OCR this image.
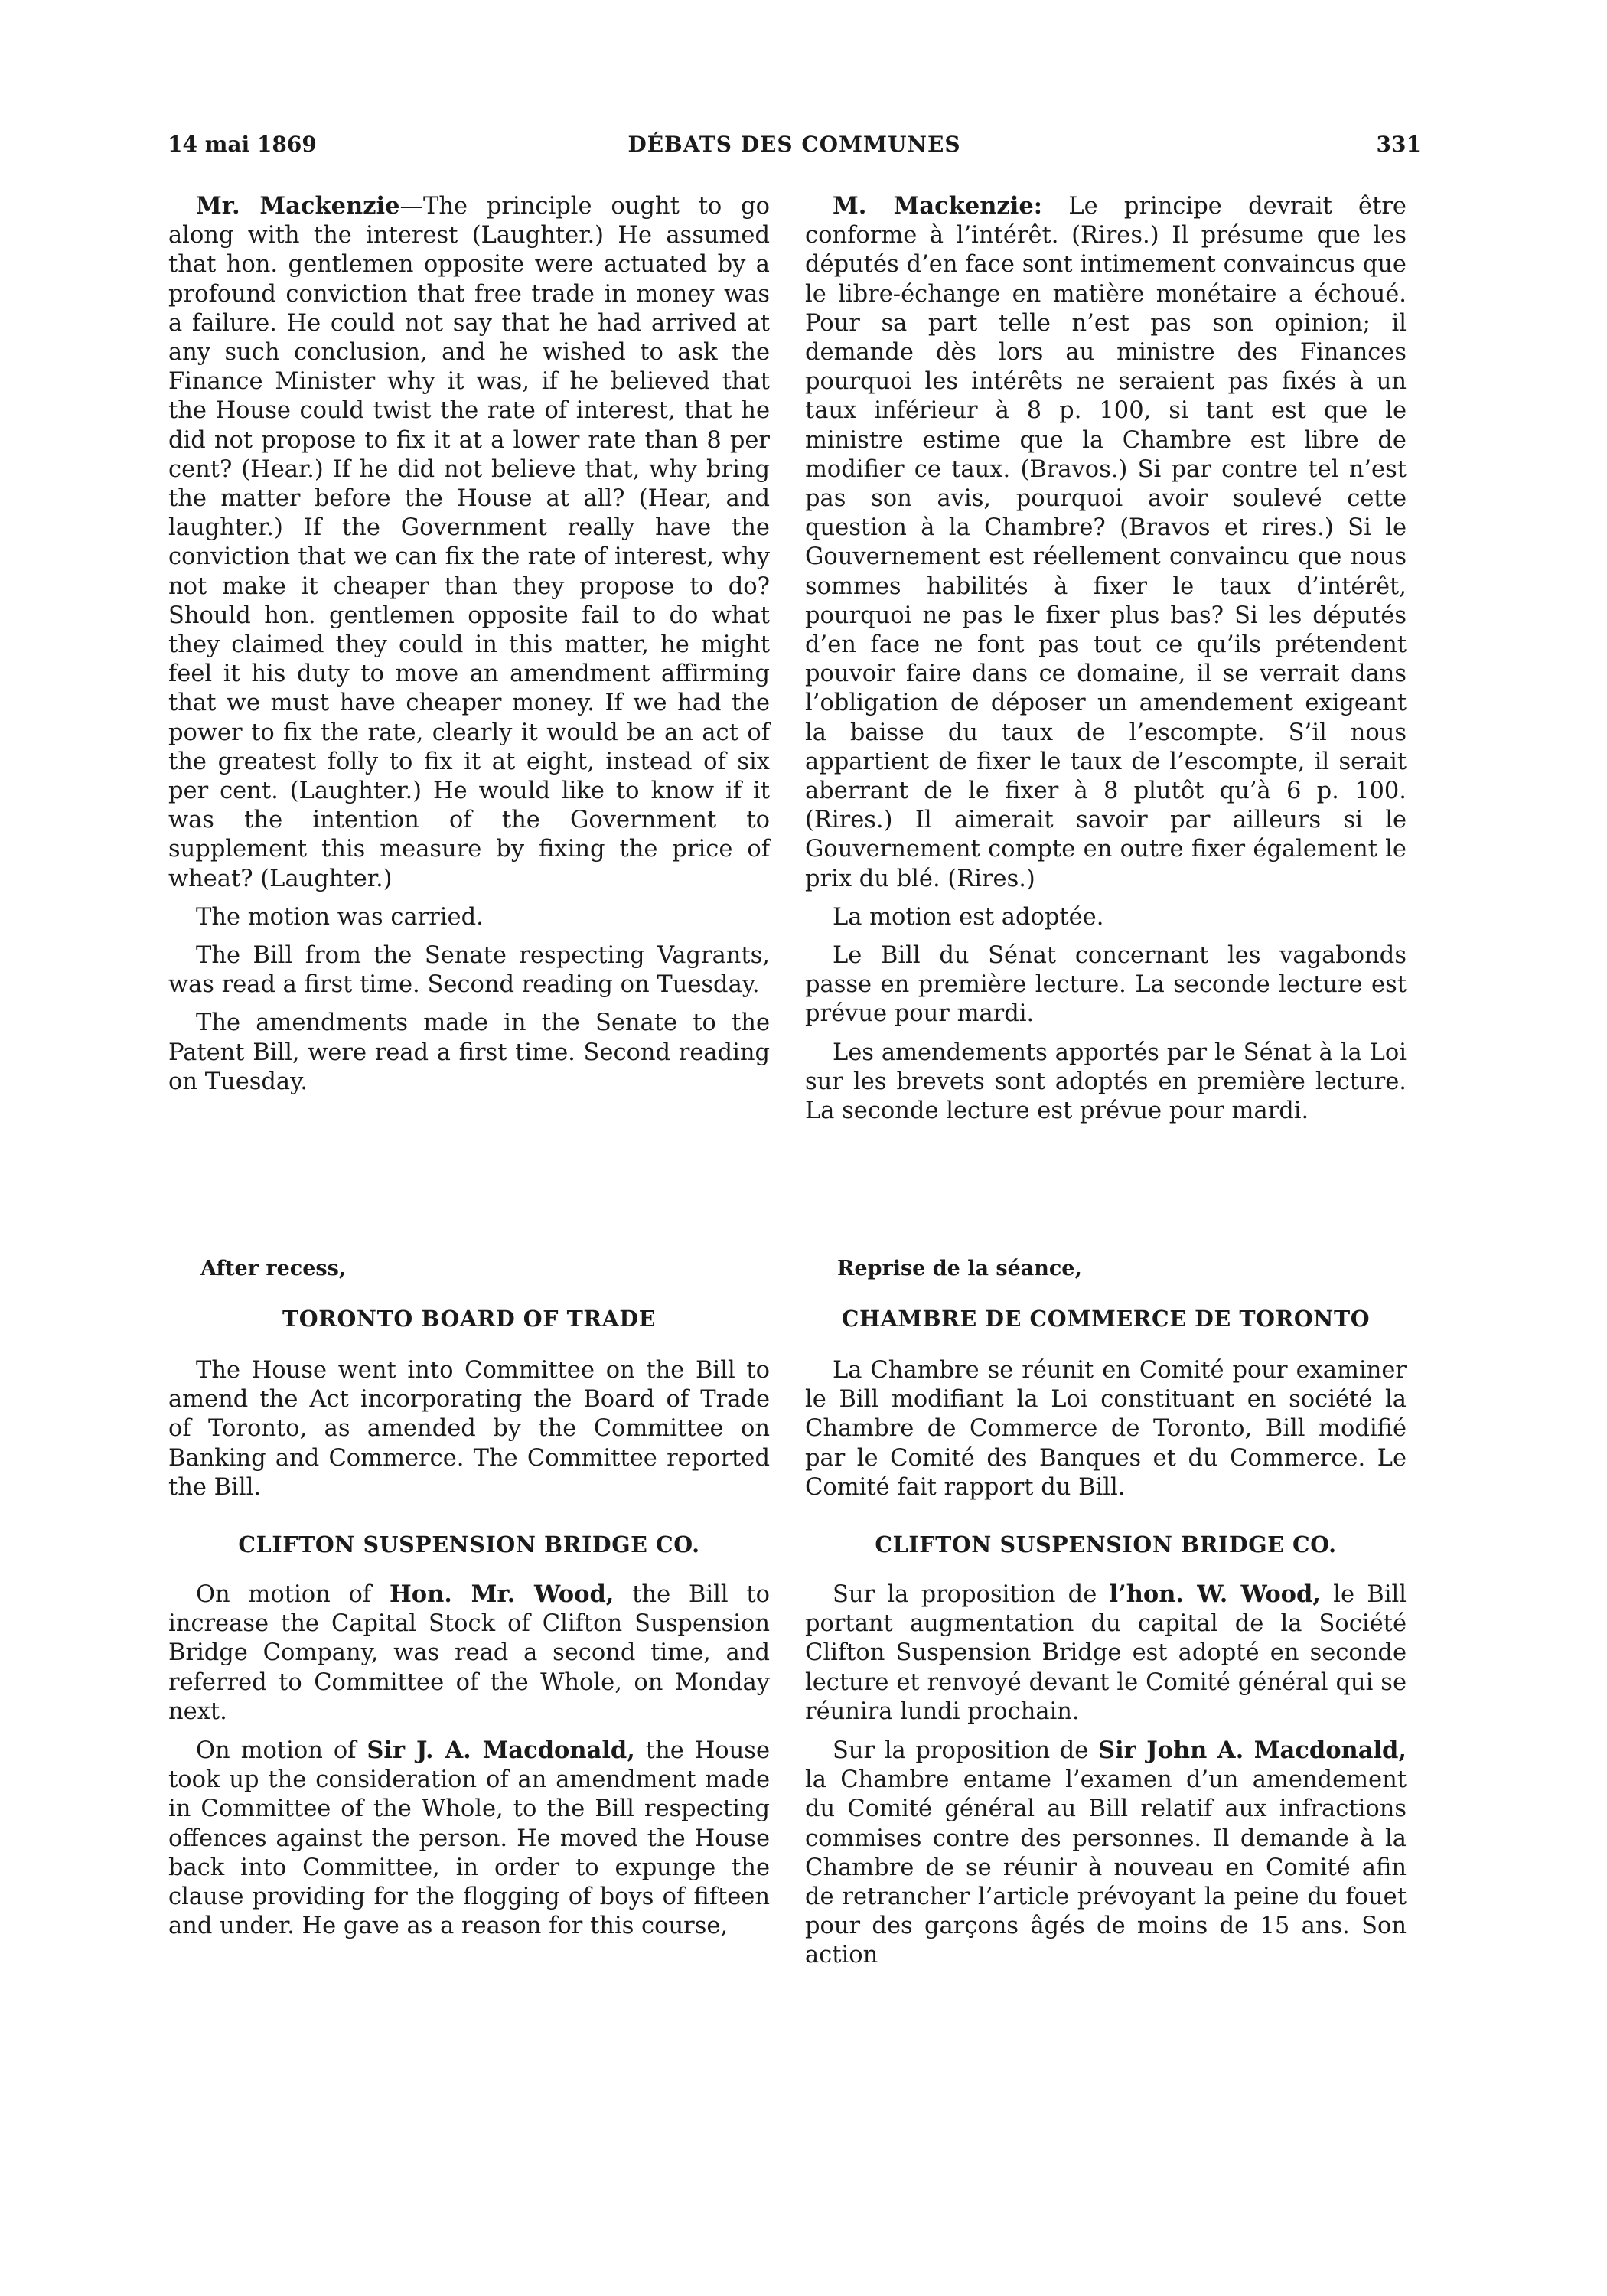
14 mai 1869	DÉBATS DES COMMUNES	331

Mr. Mackenzie—The principle ought to go along with the interest (Laughter.) He assumed that hon. gentlemen opposite were actuated by a profound conviction that free trade in money was a failure. He could not say that he had arrived at any such conclusion, and he wished to ask the Finance Minister why it was, if he believed that the House could twist the rate of interest, that he did not propose to fix it at a lower rate than 8 per cent? (Hear.) If he did not believe that, why bring the matter before the House at all? (Hear, and laughter.) If the Government really have the conviction that we can fix the rate of interest, why not make it cheaper than they propose to do? Should hon. gentlemen opposite fail to do what they claimed they could in this matter, he might feel it his duty to move an amendment affirming that we must have cheaper money. If we had the power to fix the rate, clearly it would be an act of the greatest folly to fix it at eight, instead of six per cent. (Laughter.) He would like to know if it was the intention of the Government to supplement this measure by fixing the price of wheat? (Laughter.)

The motion was carried.

The Bill from the Senate respecting Vagrants, was read a first time. Second reading on Tuesday.

The amendments made in the Senate to the Patent Bill, were read a first time. Second reading on Tuesday.

M. Mackenzie: Le principe devrait être conforme à l’intérêt. (Rires.) Il présume que les députés d’en face sont intimement convaincus que le libre-échange en matière monétaire a échoué. Pour sa part telle n’est pas son opinion; il demande dès lors au ministre des Finances pourquoi les intérêts ne seraient pas fixés à un taux inférieur à 8 p. 100, si tant est que le ministre estime que la Chambre est libre de modifier ce taux. (Bravos.) Si par contre tel n’est pas son avis, pourquoi avoir soulevé cette question à la Chambre? (Bravos et rires.) Si le Gouvernement est réellement convaincu que nous sommes habilités à fixer le taux d’intérêt, pourquoi ne pas le fixer plus bas? Si les députés d’en face ne font pas tout ce qu’ils prétendent pouvoir faire dans ce domaine, il se verrait dans l’obligation de déposer un amendement exigeant la baisse du taux de l’escompte. S’il nous appartient de fixer le taux de l’escompte, il serait aberrant de le fixer à 8 plutôt qu’à 6 p. 100. (Rires.) Il aimerait savoir par ailleurs si le Gouvernement compte en outre fixer également le prix du blé. (Rires.)

La motion est adoptée.

Le Bill du Sénat concernant les vagabonds passe en première lecture. La seconde lecture est prévue pour mardi.

Les amendements apportés par le Sénat à la Loi sur les brevets sont adoptés en première lecture. La seconde lecture est prévue pour mardi.

After recess,	Reprise de la séance,
TORONTO BOARD OF TRADE	CHAMBRE DE COMMERCE DE TORONTO

The House went into Committee on the Bill to amend the Act incorporating the Board of Trade of Toronto, as amended by the Committee on Banking and Commerce. The Committee reported the Bill.

La Chambre se réunit en Comité pour examiner le Bill modifiant la Loi constituant en société la Chambre de Commerce de Toronto, Bill modifié par le Comité des Banques et du Commerce. Le Comité fait rapport du Bill.

CLIFTON SUSPENSION BRIDGE CO.	CLIFTON SUSPENSION BRIDGE CO.

On motion of Hon. Mr. Wood, the Bill to increase the Capital Stock of Clifton Suspension Bridge Company, was read a second time, and referred to Committee of the Whole, on Monday next.

On motion of Sir J. A. Macdonald, the House took up the consideration of an amendment made in Committee of the Whole, to the Bill respecting offences against the person. He moved the House back into Committee, in order to expunge the clause providing for the flogging of boys of fifteen and under. He gave as a reason for this course,

Sur la proposition de l’hon. W. Wood, le Bill portant augmentation du capital de la Société Clifton Suspension Bridge est adopté en seconde lecture et renvoyé devant le Comité général qui se réunira lundi prochain.

Sur la proposition de Sir John A. Macdonald, la Chambre entame l’examen d’un amendement du Comité général au Bill relatif aux infractions commises contre des personnes. Il demande à la Chambre de se réunir à nouveau en Comité afin de retrancher l’article prévoyant la peine du fouet pour des garçons âgés de moins de 15 ans. Son action
